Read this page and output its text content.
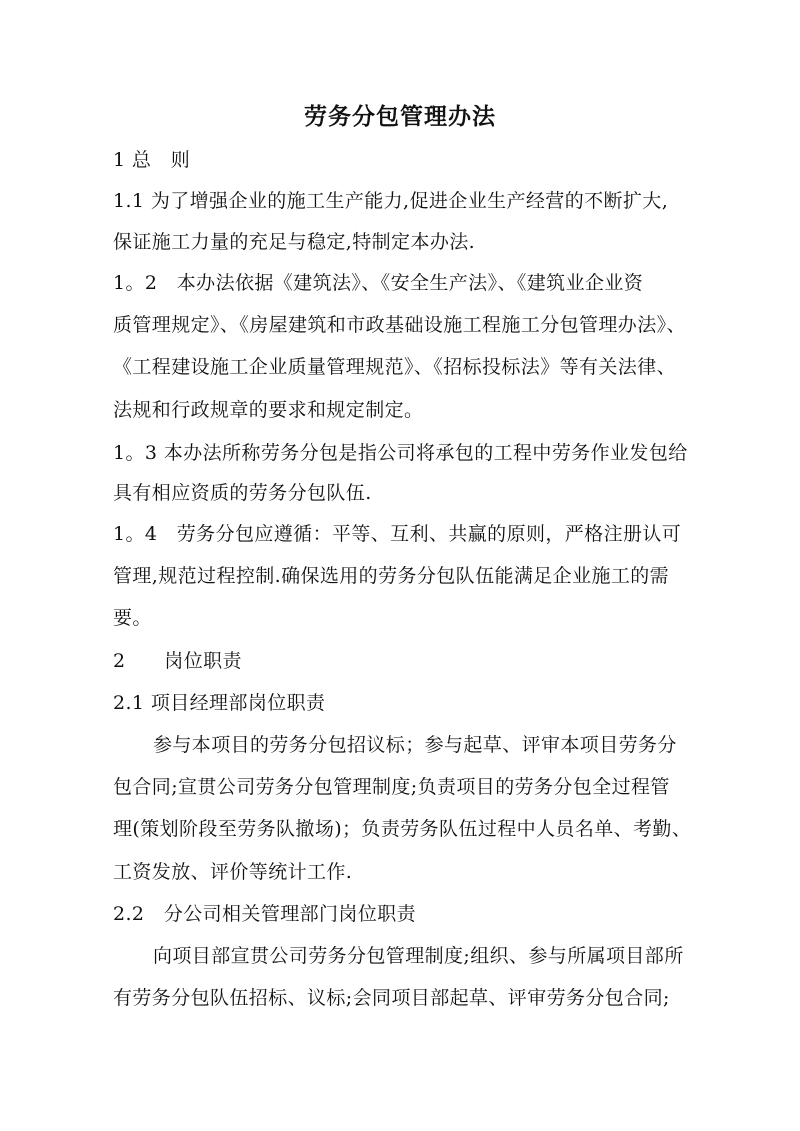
劳务分包管理办法
1 总　则
1.1 为了增强企业的施工生产能力,促进企业生产经营的不断扩大,
保证施工力量的充足与稳定,特制定本办法.
1。2　本办法依据《建筑法》、《安全生产法》、《建筑业企业资
质管理规定》、《房屋建筑和市政基础设施工程施工分包管理办法》、
《工程建设施工企业质量管理规范》、《招标投标法》等有关法律、
法规和行政规章的要求和规定制定。
1。3 本办法所称劳务分包是指公司将承包的工程中劳务作业发包给
具有相应资质的劳务分包队伍.
1。4　劳务分包应遵循：平等、互利、共赢的原则，严格注册认可
管理,规范过程控制.确保选用的劳务分包队伍能满足企业施工的需
要。
2　　岗位职责
2.1 项目经理部岗位职责
参与本项目的劳务分包招议标；参与起草、评审本项目劳务分
包合同;宣贯公司劳务分包管理制度;负责项目的劳务分包全过程管
理(策划阶段至劳务队撤场)；负责劳务队伍过程中人员名单、考勤、
工资发放、评价等统计工作.
2.2　分公司相关管理部门岗位职责
向项目部宣贯公司劳务分包管理制度;组织、参与所属项目部所
有劳务分包队伍招标、议标;会同项目部起草、评审劳务分包合同;
